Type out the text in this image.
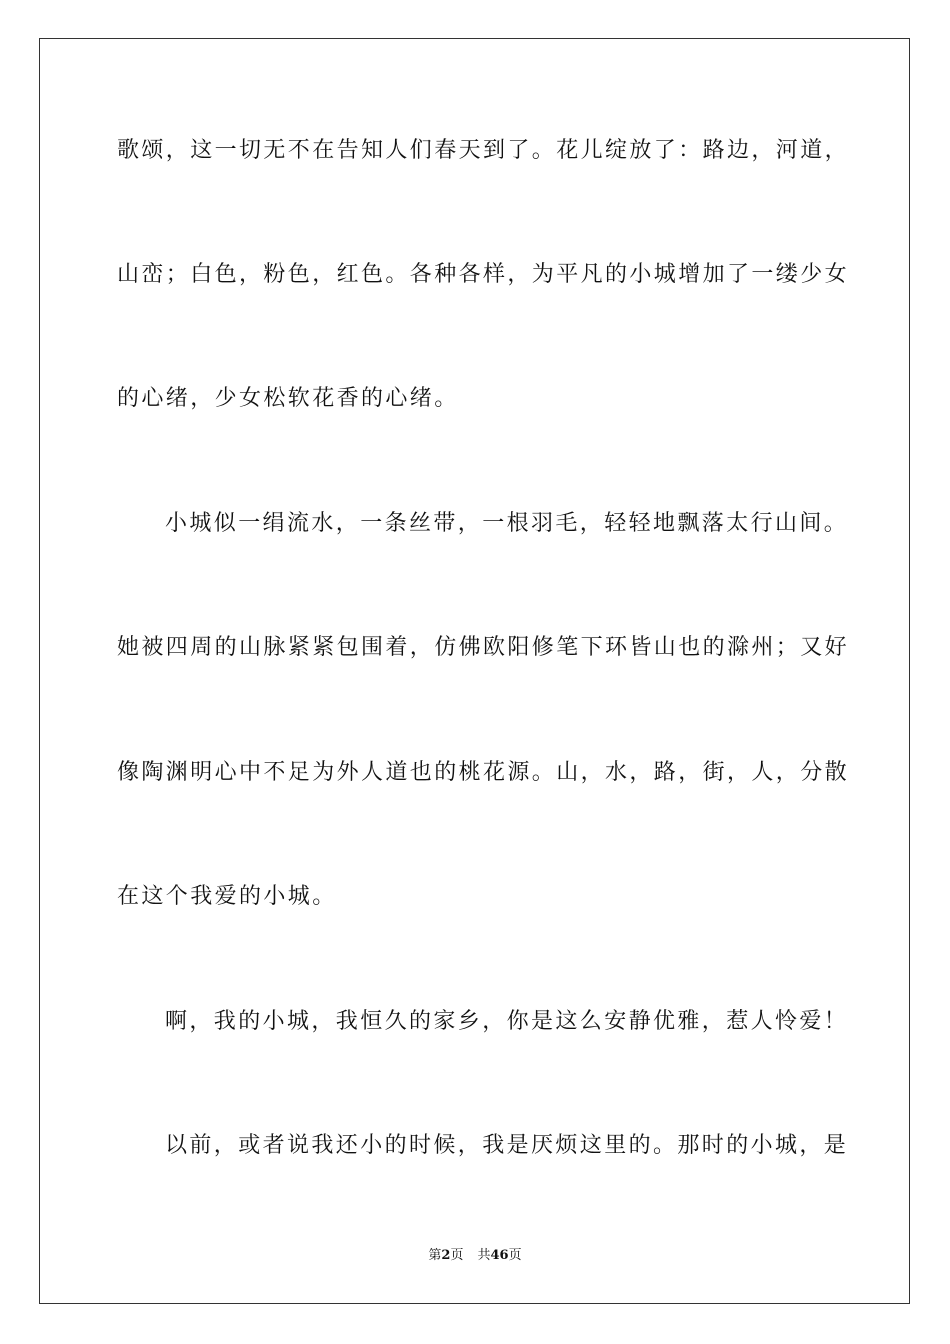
歌颂，这一切无不在告知人们春天到了。花儿绽放了：路边，河道，
山峦；白色，粉色，红色。各种各样，为平凡的小城增加了一缕少女
的心绪，少女松软花香的心绪。
小城似一绢流水，一条丝带，一根羽毛，轻轻地飘落太行山间。
她被四周的山脉紧紧包围着，仿佛欧阳修笔下环皆山也的滁州；又好
像陶渊明心中不足为外人道也的桃花源。山，水，路，街，人，分散
在这个我爱的小城。
啊，我的小城，我恒久的家乡，你是这么安静优雅，惹人怜爱！
以前，或者说我还小的时候，我是厌烦这里的。那时的小城，是
第2页 共46页
